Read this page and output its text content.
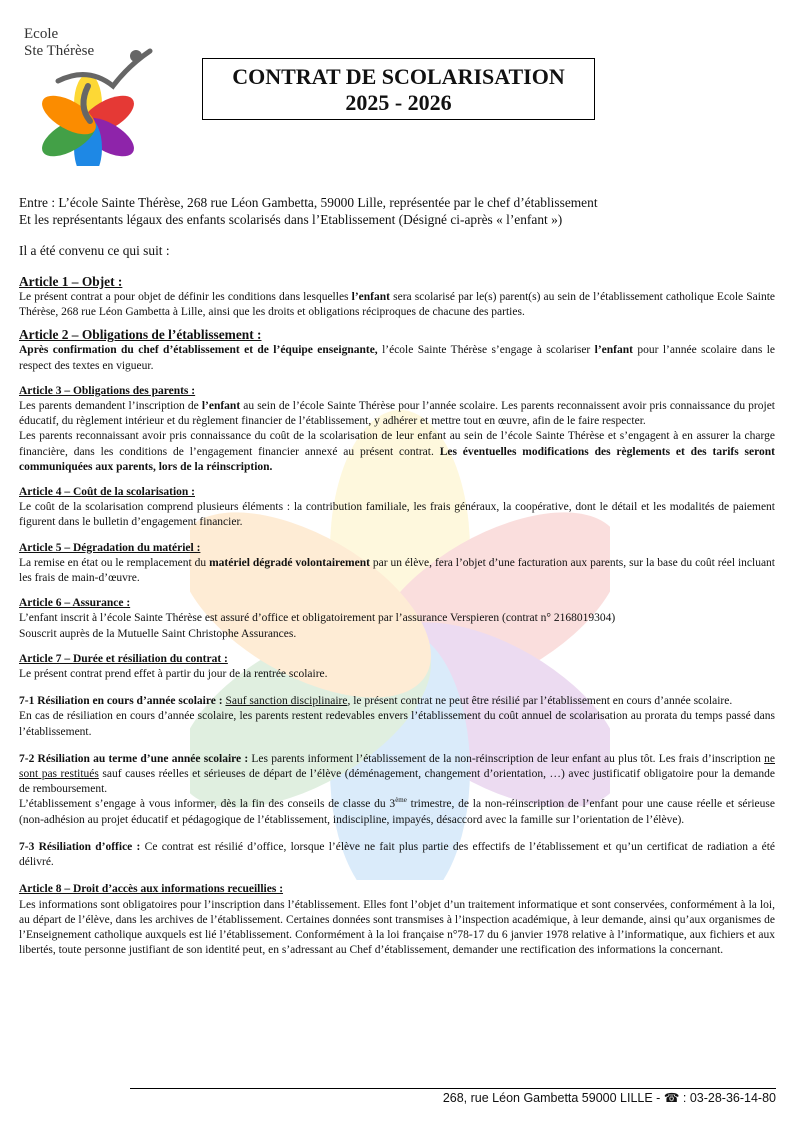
Ecole
Ste Thérèse
CONTRAT DE SCOLARISATION
2025 - 2026
Entre : L’école Sainte Thérèse, 268 rue Léon Gambetta, 59000 Lille, représentée par le chef d’établissement
Et les représentants légaux des enfants scolarisés dans l’Etablissement (Désigné ci-après « l’enfant »)
Il a été convenu ce qui suit :
Article 1 – Objet :
Le présent contrat a pour objet de définir les conditions dans lesquelles l’enfant sera scolarisé par le(s) parent(s) au sein de l’établissement catholique Ecole Sainte Thérèse, 268 rue Léon Gambetta à Lille, ainsi que les droits et obligations réciproques de chacune des parties.
Article 2 – Obligations de l’établissement :
Après confirmation du chef d’établissement et de l’équipe enseignante, l’école Sainte Thérèse s’engage à scolariser l’enfant pour l’année scolaire dans le respect des textes en vigueur.
Article 3 – Obligations des parents :
Les parents demandent l’inscription de l’enfant au sein de l’école Sainte Thérèse pour l’année scolaire. Les parents reconnaissent avoir pris connaissance du projet éducatif, du règlement intérieur et du règlement financier de l’établissement, y adhérer et mettre tout en œuvre, afin de le faire respecter.
Les parents reconnaissant avoir pris connaissance du coût de la scolarisation de leur enfant au sein de l’école Sainte Thérèse et s’engagent à en assurer la charge financière, dans les conditions de l’engagement financier annexé au présent contrat. Les éventuelles modifications des règlements et des tarifs seront communiquées aux parents, lors de la réinscription.
Article 4 – Coût de la scolarisation :
Le coût de la scolarisation comprend plusieurs éléments : la contribution familiale, les frais généraux, la coopérative, dont le détail et les modalités de paiement figurent dans le bulletin d’engagement financier.
Article 5 – Dégradation du matériel :
La remise en état ou le remplacement du matériel dégradé volontairement par un élève, fera l’objet d’une facturation aux parents, sur la base du coût réel incluant les frais de main-d’œuvre.
Article 6 – Assurance :
L’enfant inscrit à l’école Sainte Thérèse est assuré d’office et obligatoirement par l’assurance Verspieren (contrat n° 2168019304)
Souscrit auprès de la Mutuelle Saint Christophe Assurances.
Article 7 – Durée et résiliation du contrat :
Le présent contrat prend effet à partir du jour de la rentrée scolaire.
7-1 Résiliation en cours d’année scolaire : Sauf sanction disciplinaire, le présent contrat ne peut être résilié par l’établissement en cours d’année scolaire.
En cas de résiliation en cours d’année scolaire, les parents restent redevables envers l’établissement du coût annuel de scolarisation au prorata du temps passé dans l’établissement.
7-2 Résiliation au terme d’une année scolaire : Les parents informent l’établissement de la non-réinscription de leur enfant au plus tôt. Les frais d’inscription ne sont pas restitués sauf causes réelles et sérieuses de départ de l’élève (déménagement, changement d’orientation, …) avec justificatif obligatoire pour la demande de remboursement.
L’établissement s’engage à vous informer, dès la fin des conseils de classe du 3ème trimestre, de la non-réinscription de l’enfant pour une cause réelle et sérieuse (non-adhésion au projet éducatif et pédagogique de l’établissement, indiscipline, impayés, désaccord avec la famille sur l’orientation de l’élève).
7-3 Résiliation d’office : Ce contrat est résilié d’office, lorsque l’élève ne fait plus partie des effectifs de l’établissement et qu’un certificat de radiation a été délivré.
Article 8 – Droit d’accès aux informations recueillies :
Les informations sont obligatoires pour l’inscription dans l’établissement. Elles font l’objet d’un traitement informatique et sont conservées, conformément à la loi, au départ de l’élève, dans les archives de l’établissement. Certaines données sont transmises à l’inspection académique, à leur demande, ainsi qu’aux organismes de l’Enseignement catholique auxquels est lié l’établissement. Conformément à la loi française n°78-17 du 6 janvier 1978 relative à l’informatique, aux fichiers et aux libertés, toute personne justifiant de son identité peut, en s’adressant au Chef d’établissement, demander une rectification des informations la concernant.
268, rue Léon Gambetta 59000 LILLE - ☎ : 03-28-36-14-80
